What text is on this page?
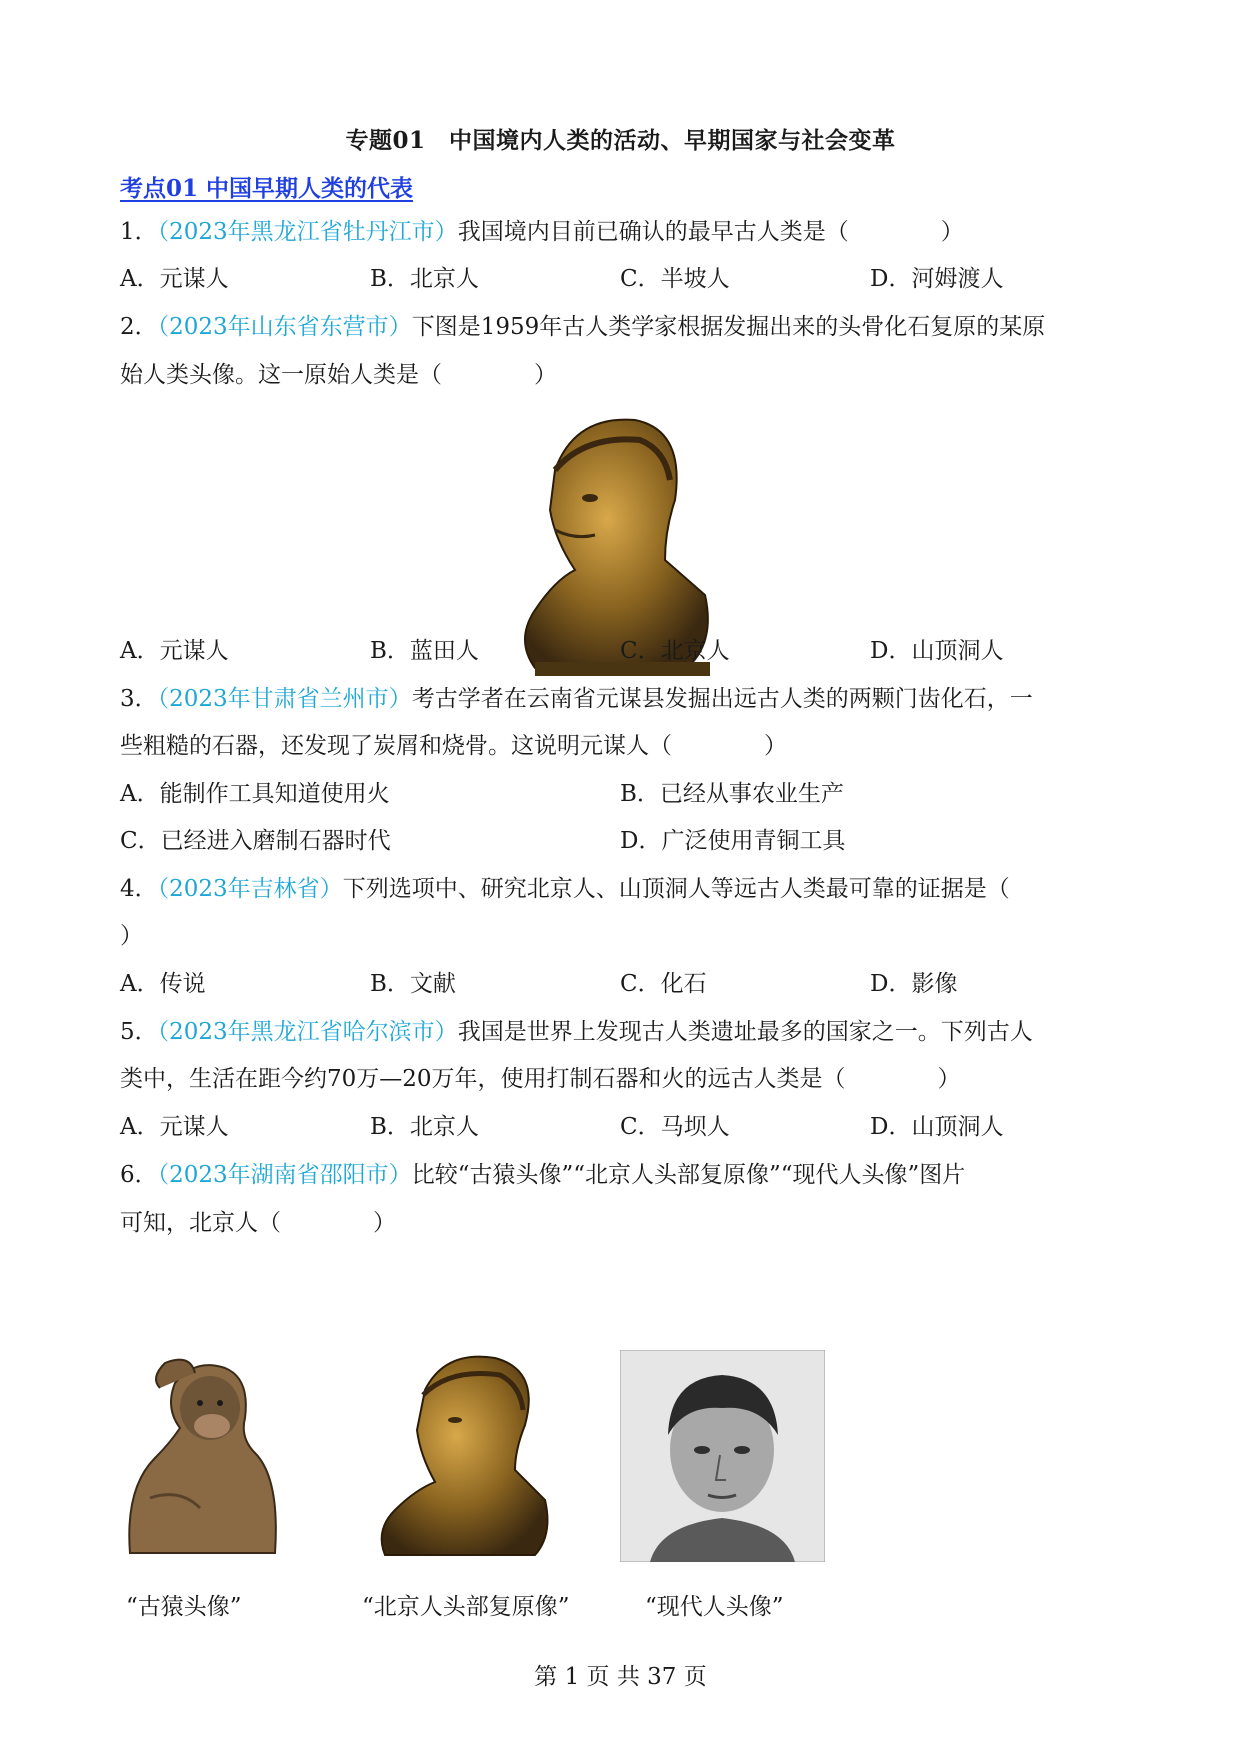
专题01　中国境内人类的活动、早期国家与社会变革
考点01 中国早期人类的代表
1．（2023年黑龙江省牡丹江市）我国境内目前已确认的最早古人类是（　　　　）
A．元谋人	B．北京人	C．半坡人	D．河姆渡人
2．（2023年山东省东营市）下图是1959年古人类学家根据发掘出来的头骨化石复原的某原
始人类头像。这一原始人类是（　　　　）
A．元谋人	B．蓝田人	C．北京人	D．山顶洞人
3．（2023年甘肃省兰州市）考古学者在云南省元谋县发掘出远古人类的两颗门齿化石，一
些粗糙的石器，还发现了炭屑和烧骨。这说明元谋人（　　　　）
A．能制作工具知道使用火	B．已经从事农业生产
C．已经进入磨制石器时代	D．广泛使用青铜工具
4．（2023年吉林省）下列选项中、研究北京人、山顶洞人等远古人类最可靠的证据是（
）
A．传说	B．文献	C．化石	D．影像
5．（2023年黑龙江省哈尔滨市）我国是世界上发现古人类遗址最多的国家之一。下列古人
类中，生活在距今约70万—20万年，使用打制石器和火的远古人类是（　　　　）
A．元谋人	B．北京人	C．马坝人	D．山顶洞人
6．（2023年湖南省邵阳市）比较“古猿头像”“北京人头部复原像”“现代人头像”图片
可知，北京人（　　　　）
“古猿头像”	“北京人头部复原像”	“现代人头像”
第 1 页 共 37 页
